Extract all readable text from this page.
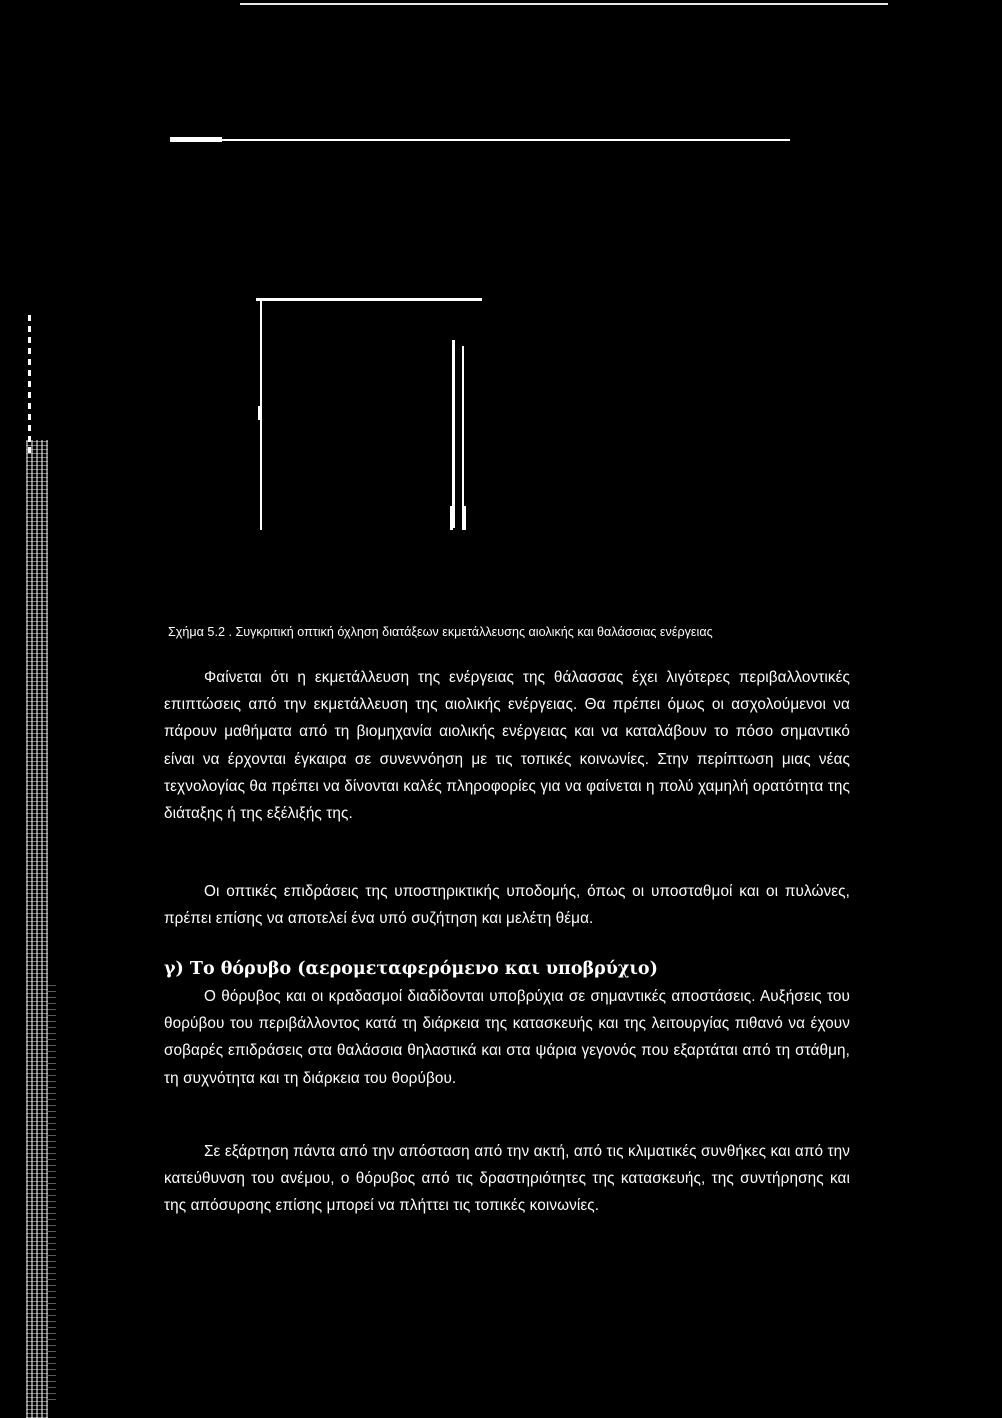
Σχήμα 5.2 . Συγκριτική οπτική όχληση διατάξεων εκμετάλλευσης αιολικής και θαλάσσιας ενέργειας

Φαίνεται ότι η εκμετάλλευση της ενέργειας της θάλασσας έχει λιγότερες περιβαλλοντικές επιπτώσεις από την εκμετάλλευση της αιολικής ενέργειας. Θα πρέπει όμως οι ασχολούμενοι να πάρουν μαθήματα από τη βιομηχανία αιολικής ενέργειας και να καταλάβουν το πόσο σημαντικό είναι να έρχονται έγκαιρα σε συνεννόηση με τις τοπικές κοινωνίες. Στην περίπτωση μιας νέας τεχνολογίας θα πρέπει να δίνονται καλές πληροφορίες για να φαίνεται η πολύ χαμηλή ορατότητα της διάταξης ή της εξέλιξής της.

Οι οπτικές επιδράσεις της υποστηρικτικής υποδομής, όπως οι υποσταθμοί και οι πυλώνες, πρέπει επίσης να αποτελεί ένα υπό συζήτηση και μελέτη θέμα.

γ) Το θόρυβο (αερομεταφερόμενο και υποβρύχιο)

Ο θόρυβος και οι κραδασμοί διαδίδονται υποβρύχια σε σημαντικές αποστάσεις. Αυξήσεις του θορύβου του περιβάλλοντος κατά τη διάρκεια της κατασκευής και της λειτουργίας πιθανό να έχουν σοβαρές επιδράσεις στα θαλάσσια θηλαστικά και στα ψάρια γεγονός που εξαρτάται από τη στάθμη, τη συχνότητα και τη διάρκεια του θορύβου.

Σε εξάρτηση πάντα από την απόσταση από την ακτή, από τις κλιματικές συνθήκες και από την κατεύθυνση του ανέμου, ο θόρυβος από τις δραστηριότητες της κατασκευής, της συντήρησης και της απόσυρσης επίσης μπορεί να πλήττει τις τοπικές κοινωνίες.
